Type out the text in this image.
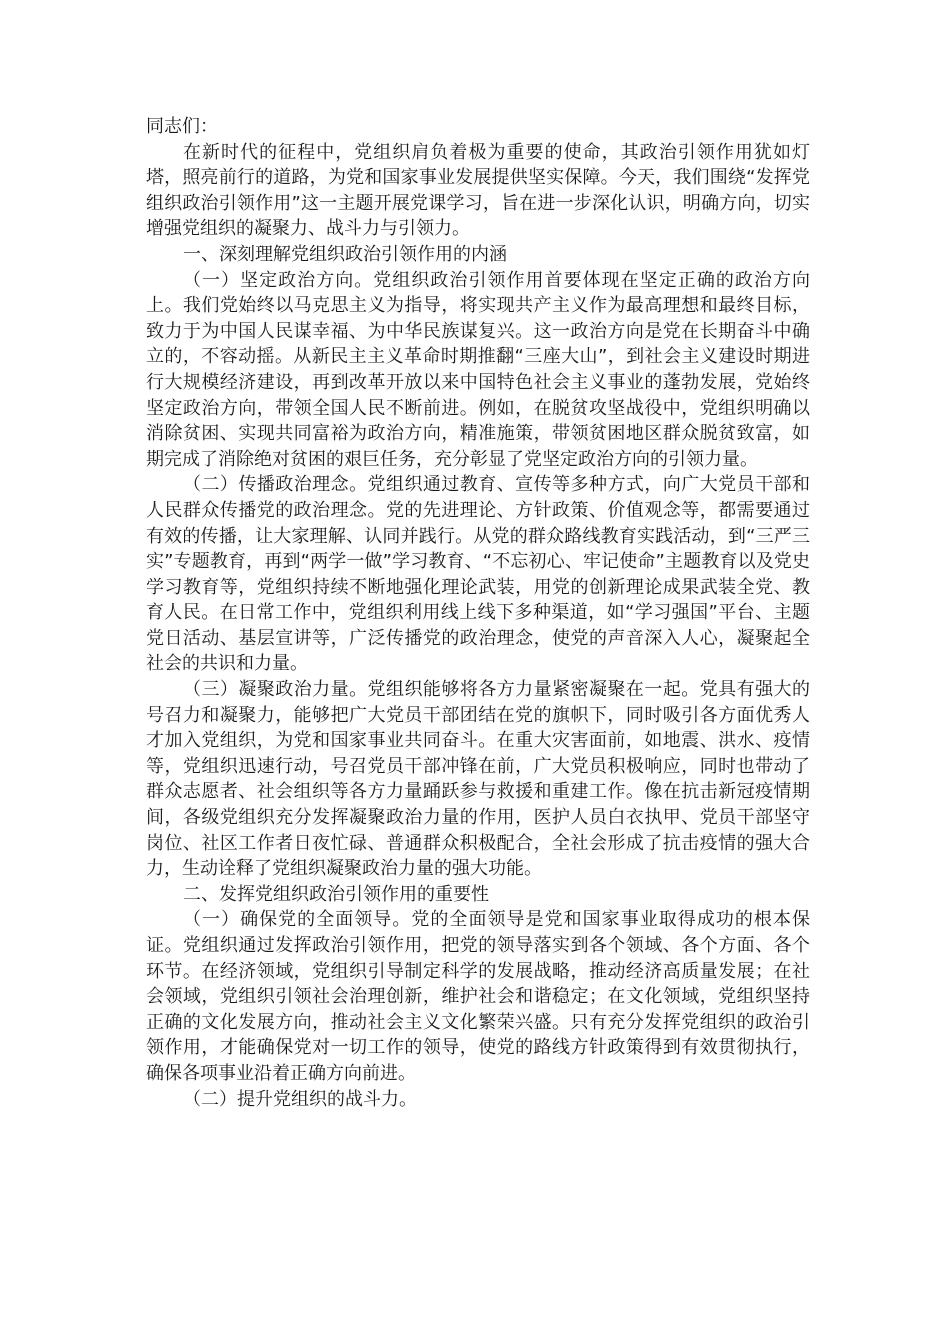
同志们：

在新时代的征程中，党组织肩负着极为重要的使命，其政治引领作用犹如灯塔，照亮前行的道路，为党和国家事业发展提供坚实保障。今天，我们围绕“发挥党组织政治引领作用”这一主题开展党课学习，旨在进一步深化认识，明确方向，切实增强党组织的凝聚力、战斗力与引领力。

一、深刻理解党组织政治引领作用的内涵

（一）坚定政治方向。党组织政治引领作用首要体现在坚定正确的政治方向上。我们党始终以马克思主义为指导，将实现共产主义作为最高理想和最终目标，致力于为中国人民谋幸福、为中华民族谋复兴。这一政治方向是党在长期奋斗中确立的，不容动摇。从新民主主义革命时期推翻“三座大山”，到社会主义建设时期进行大规模经济建设，再到改革开放以来中国特色社会主义事业的蓬勃发展，党始终坚定政治方向，带领全国人民不断前进。例如，在脱贫攻坚战役中，党组织明确以消除贫困、实现共同富裕为政治方向，精准施策，带领贫困地区群众脱贫致富，如期完成了消除绝对贫困的艰巨任务，充分彰显了党坚定政治方向的引领力量。

（二）传播政治理念。党组织通过教育、宣传等多种方式，向广大党员干部和人民群众传播党的政治理念。党的先进理论、方针政策、价值观念等，都需要通过有效的传播，让大家理解、认同并践行。从党的群众路线教育实践活动，到“三严三实”专题教育，再到“两学一做”学习教育、“不忘初心、牢记使命”主题教育以及党史学习教育等，党组织持续不断地强化理论武装，用党的创新理论成果武装全党、教育人民。在日常工作中，党组织利用线上线下多种渠道，如“学习强国”平台、主题党日活动、基层宣讲等，广泛传播党的政治理念，使党的声音深入人心，凝聚起全社会的共识和力量。

（三）凝聚政治力量。党组织能够将各方力量紧密凝聚在一起。党具有强大的号召力和凝聚力，能够把广大党员干部团结在党的旗帜下，同时吸引各方面优秀人才加入党组织，为党和国家事业共同奋斗。在重大灾害面前，如地震、洪水、疫情等，党组织迅速行动，号召党员干部冲锋在前，广大党员积极响应，同时也带动了群众志愿者、社会组织等各方力量踊跃参与救援和重建工作。像在抗击新冠疫情期间，各级党组织充分发挥凝聚政治力量的作用，医护人员白衣执甲、党员干部坚守岗位、社区工作者日夜忙碌、普通群众积极配合，全社会形成了抗击疫情的强大合力，生动诠释了党组织凝聚政治力量的强大功能。

二、发挥党组织政治引领作用的重要性

（一）确保党的全面领导。党的全面领导是党和国家事业取得成功的根本保证。党组织通过发挥政治引领作用，把党的领导落实到各个领域、各个方面、各个环节。在经济领域，党组织引导制定科学的发展战略，推动经济高质量发展；在社会领域，党组织引领社会治理创新，维护社会和谐稳定；在文化领域，党组织坚持正确的文化发展方向，推动社会主义文化繁荣兴盛。只有充分发挥党组织的政治引领作用，才能确保党对一切工作的领导，使党的路线方针政策得到有效贯彻执行，确保各项事业沿着正确方向前进。

（二）提升党组织的战斗力。
